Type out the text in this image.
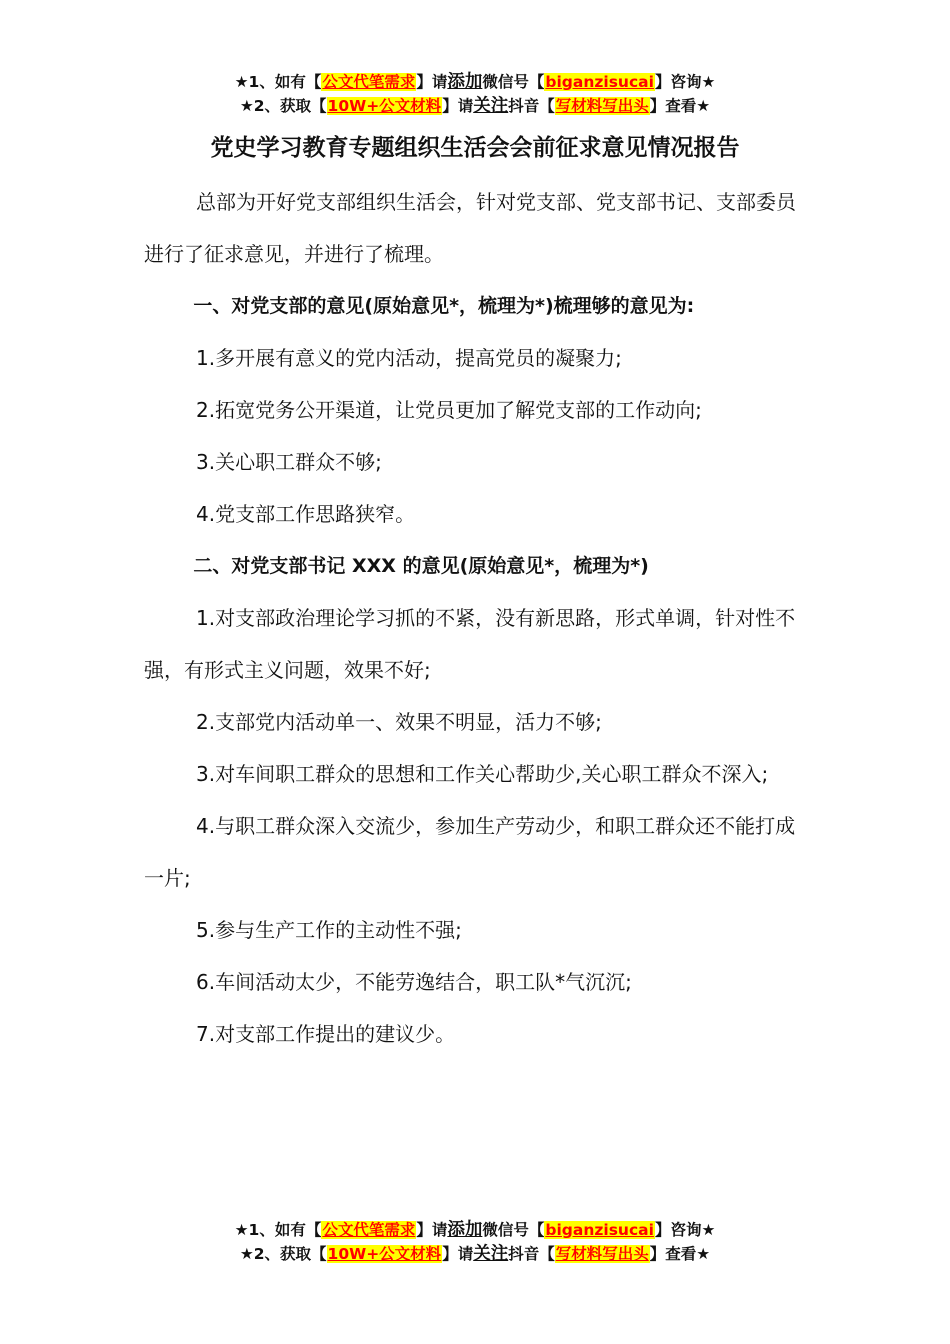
★1、如有【公文代笔需求】请添加微信号【biganzisucai】咨询★
★2、获取【10W+公文材料】请关注抖音【写材料写出头】查看★
党史学习教育专题组织生活会会前征求意见情况报告

总部为开好党支部组织生活会，针对党支部、党支部书记、支部委员进行了征求意见，并进行了梳理。

一、对党支部的意见(原始意见*，梳理为*)梳理够的意见为:

1.多开展有意义的党内活动，提高党员的凝聚力;

2.拓宽党务公开渠道，让党员更加了解党支部的工作动向;

3.关心职工群众不够;

4.党支部工作思路狭窄。

二、对党支部书记 XXX 的意见(原始意见*，梳理为*)

1.对支部政治理论学习抓的不紧，没有新思路，形式单调，针对性不强，有形式主义问题，效果不好;

2.支部党内活动单一、效果不明显，活力不够;

3.对车间职工群众的思想和工作关心帮助少,关心职工群众不深入;

4.与职工群众深入交流少，参加生产劳动少，和职工群众还不能打成一片;

5.参与生产工作的主动性不强;

6.车间活动太少，不能劳逸结合，职工队*气沉沉;

7.对支部工作提出的建议少。

★1、如有【公文代笔需求】请添加微信号【biganzisucai】咨询★
★2、获取【10W+公文材料】请关注抖音【写材料写出头】查看★
